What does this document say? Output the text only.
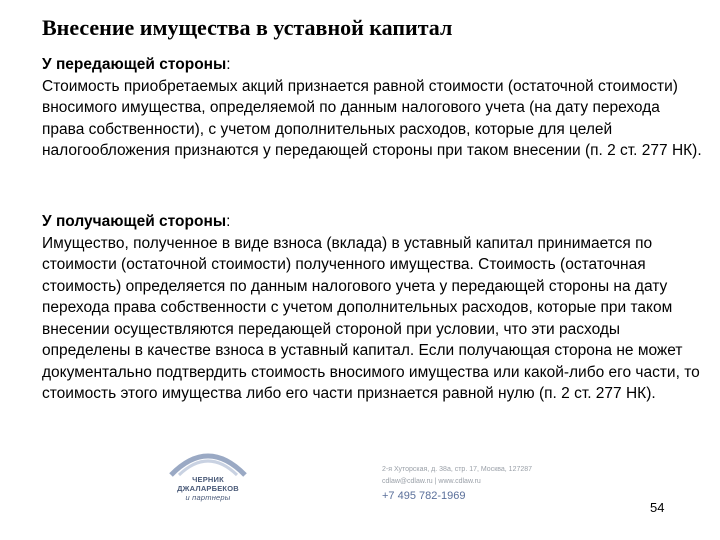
Внесение имущества в уставной капитал

У передающей стороны:

Стоимость приобретаемых акций признается равной стоимости (остаточной стоимости) вносимого имущества, определяемой по данным налогового учета (на дату перехода права собственности), с учетом дополнительных расходов, которые для целей налогообложения признаются у передающей стороны при таком внесении (п. 2 ст. 277 НК).

У получающей стороны:

Имущество, полученное в виде взноса (вклада) в уставный капитал принимается по стоимости (остаточной стоимости) полученного имущества. Стоимость (остаточная стоимость) определяется по данным налогового учета у передающей стороны на дату перехода права собственности с учетом дополнительных расходов, которые при таком внесении осуществляются передающей стороной при условии, что эти расходы определены в качестве взноса в уставный капитал. Если получающая сторона не может документально подтвердить стоимость вносимого имущества или какой-либо его части, то стоимость этого имущества либо его части признается равной нулю (п. 2 ст. 277 НК).

ЧЕРНИК
ДЖАЛАРБЕКОВ
и партнеры
2-я Хуторская, д. 38а, стр. 17, Москва, 127287
cdlaw@cdlaw.ru | www.cdlaw.ru
+7 495 782-1969
54
